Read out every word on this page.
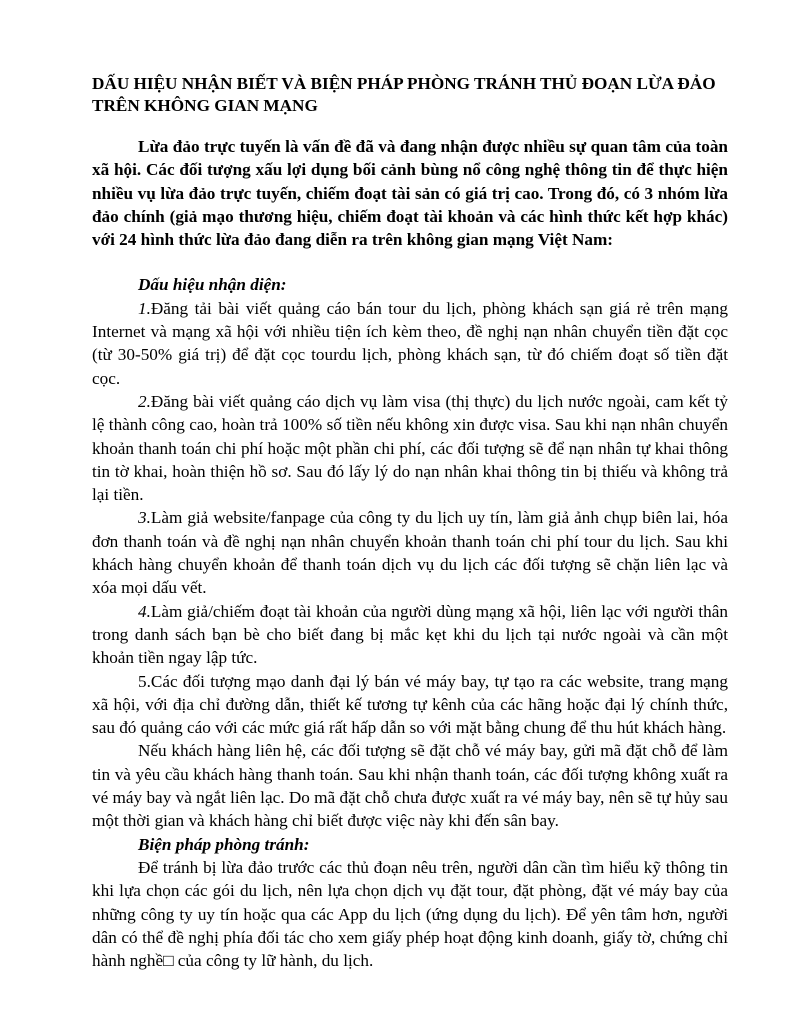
DẤU HIỆU NHẬN BIẾT VÀ BIỆN PHÁP PHÒNG TRÁNH THỦ ĐOẠN LỪA ĐẢO TRÊN KHÔNG GIAN MẠNG

Lừa đảo trực tuyến là vấn đề đã và đang nhận được nhiều sự quan tâm của toàn xã hội. Các đối tượng xấu lợi dụng bối cảnh bùng nổ công nghệ thông tin để thực hiện nhiều vụ lừa đảo trực tuyến, chiếm đoạt tài sản có giá trị cao. Trong đó, có 3 nhóm lừa đảo chính (giả mạo thương hiệu, chiếm đoạt tài khoản và các hình thức kết hợp khác) với 24 hình thức lừa đảo đang diễn ra trên không gian mạng Việt Nam:

Dấu hiệu nhận diện:

1.Đăng tải bài viết quảng cáo bán tour du lịch, phòng khách sạn giá rẻ trên mạng Internet và mạng xã hội với nhiều tiện ích kèm theo, đề nghị nạn nhân chuyển tiền đặt cọc (từ 30-50% giá trị) để đặt cọc tourdu lịch, phòng khách sạn, từ đó chiếm đoạt số tiền đặt cọc.

2.Đăng bài viết quảng cáo dịch vụ làm visa (thị thực) du lịch nước ngoài, cam kết tỷ lệ thành công cao, hoàn trả 100% số tiền nếu không xin được visa. Sau khi nạn nhân chuyển khoản thanh toán chi phí hoặc một phần chi phí, các đối tượng sẽ để nạn nhân tự khai thông tin tờ khai, hoàn thiện hồ sơ. Sau đó lấy lý do nạn nhân khai thông tin bị thiếu và không trả lại tiền.

3.Làm giả website/fanpage của công ty du lịch uy tín, làm giả ảnh chụp biên lai, hóa đơn thanh toán và đề nghị nạn nhân chuyển khoản thanh toán chi phí tour du lịch. Sau khi khách hàng chuyển khoản để thanh toán dịch vụ du lịch các đối tượng sẽ chặn liên lạc và xóa mọi dấu vết.

4.Làm giả/chiếm đoạt tài khoản của người dùng mạng xã hội, liên lạc với người thân trong danh sách bạn bè cho biết đang bị mắc kẹt khi du lịch tại nước ngoài và cần một khoản tiền ngay lập tức.

5.Các đối tượng mạo danh đại lý bán vé máy bay, tự tạo ra các website, trang mạng xã hội, với địa chỉ đường dẫn, thiết kế tương tự kênh của các hãng hoặc đại lý chính thức, sau đó quảng cáo với các mức giá rất hấp dẫn so với mặt bằng chung để thu hút khách hàng.

Nếu khách hàng liên hệ, các đối tượng sẽ đặt chỗ vé máy bay, gửi mã đặt chỗ để làm tin và yêu cầu khách hàng thanh toán. Sau khi nhận thanh toán, các đối tượng không xuất ra vé máy bay và ngắt liên lạc. Do mã đặt chỗ chưa được xuất ra vé máy bay, nên sẽ tự hủy sau một thời gian và khách hàng chỉ biết được việc này khi đến sân bay.

Biện pháp phòng tránh:

Để tránh bị lừa đảo trước các thủ đoạn nêu trên, người dân cần tìm hiểu kỹ thông tin khi lựa chọn các gói du lịch, nên lựa chọn dịch vụ đặt tour, đặt phòng, đặt vé máy bay của những công ty uy tín hoặc qua các App du lịch (ứng dụng du lịch). Để yên tâm hơn, người dân có thể đề nghị phía đối tác cho xem giấy phép hoạt động kinh doanh, giấy tờ, chứng chỉ hành nghề□ của công ty lữ hành, du lịch.
